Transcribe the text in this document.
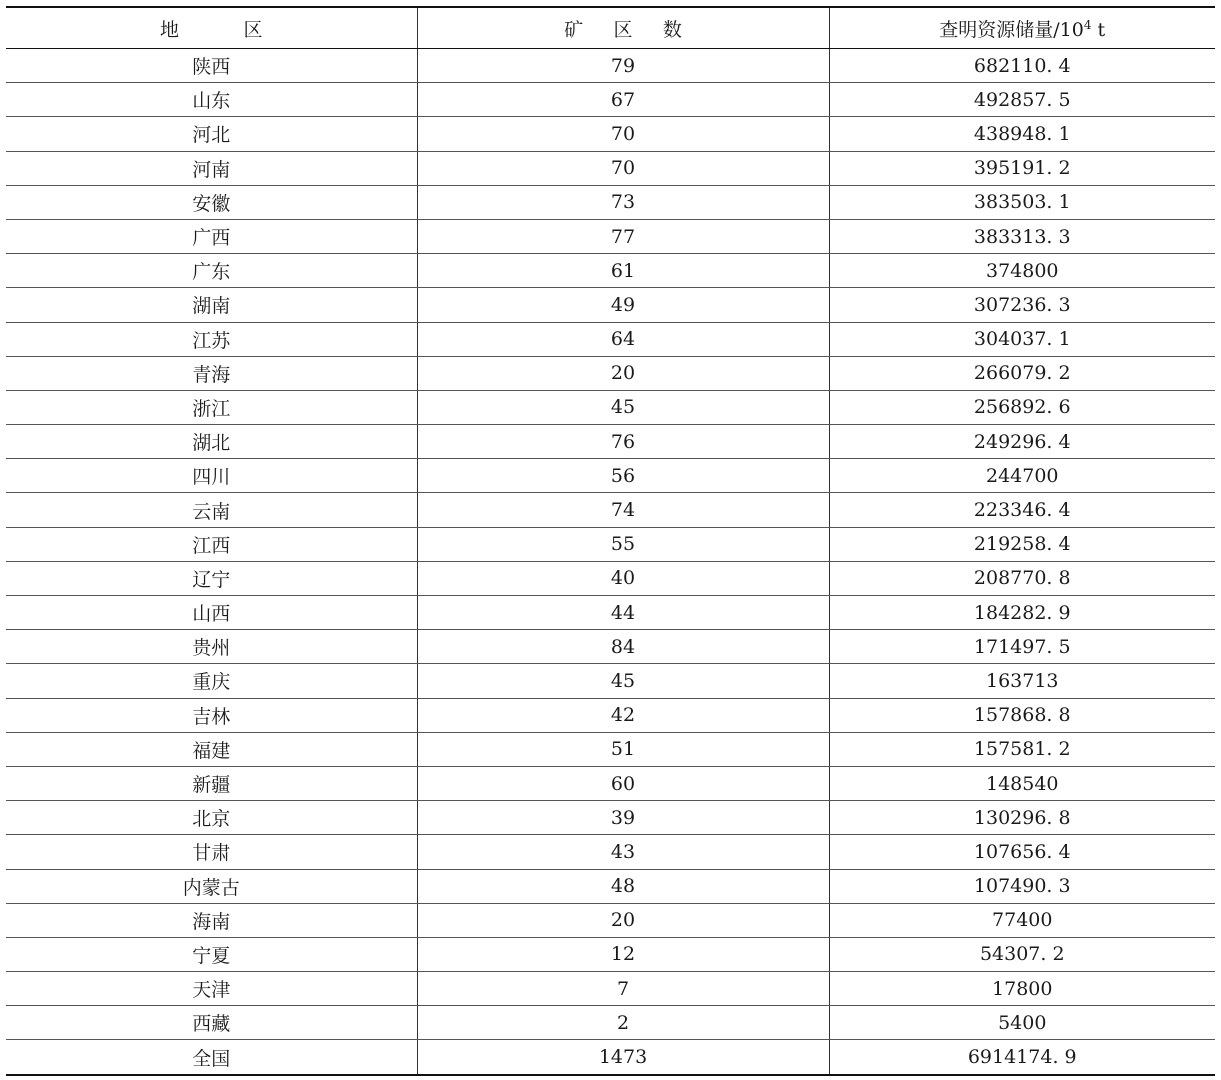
地 区	矿 区 数	查明资源储量$/10^4$ t
陕西	79	682110. 4
山东	67	492857. 5
河北	70	438948. 1
河南	70	395191. 2
安徽	73	383503. 1
广西	77	383313. 3
广东	61	374800
湖南	49	307236. 3
江苏	64	304037. 1
青海	20	266079. 2
浙江	45	256892. 6
湖北	76	249296. 4
四川	56	244700
云南	74	223346. 4
江西	55	219258. 4
辽宁	40	208770. 8
山西	44	184282. 9
贵州	84	171497. 5
重庆	45	163713
吉林	42	157868. 8
福建	51	157581. 2
新疆	60	148540
北京	39	130296. 8
甘肃	43	107656. 4
内蒙古	48	107490. 3
海南	20	77400
宁夏	12	54307. 2
天津	7	17800
西藏	2	5400
全国	1473	6914174. 9
